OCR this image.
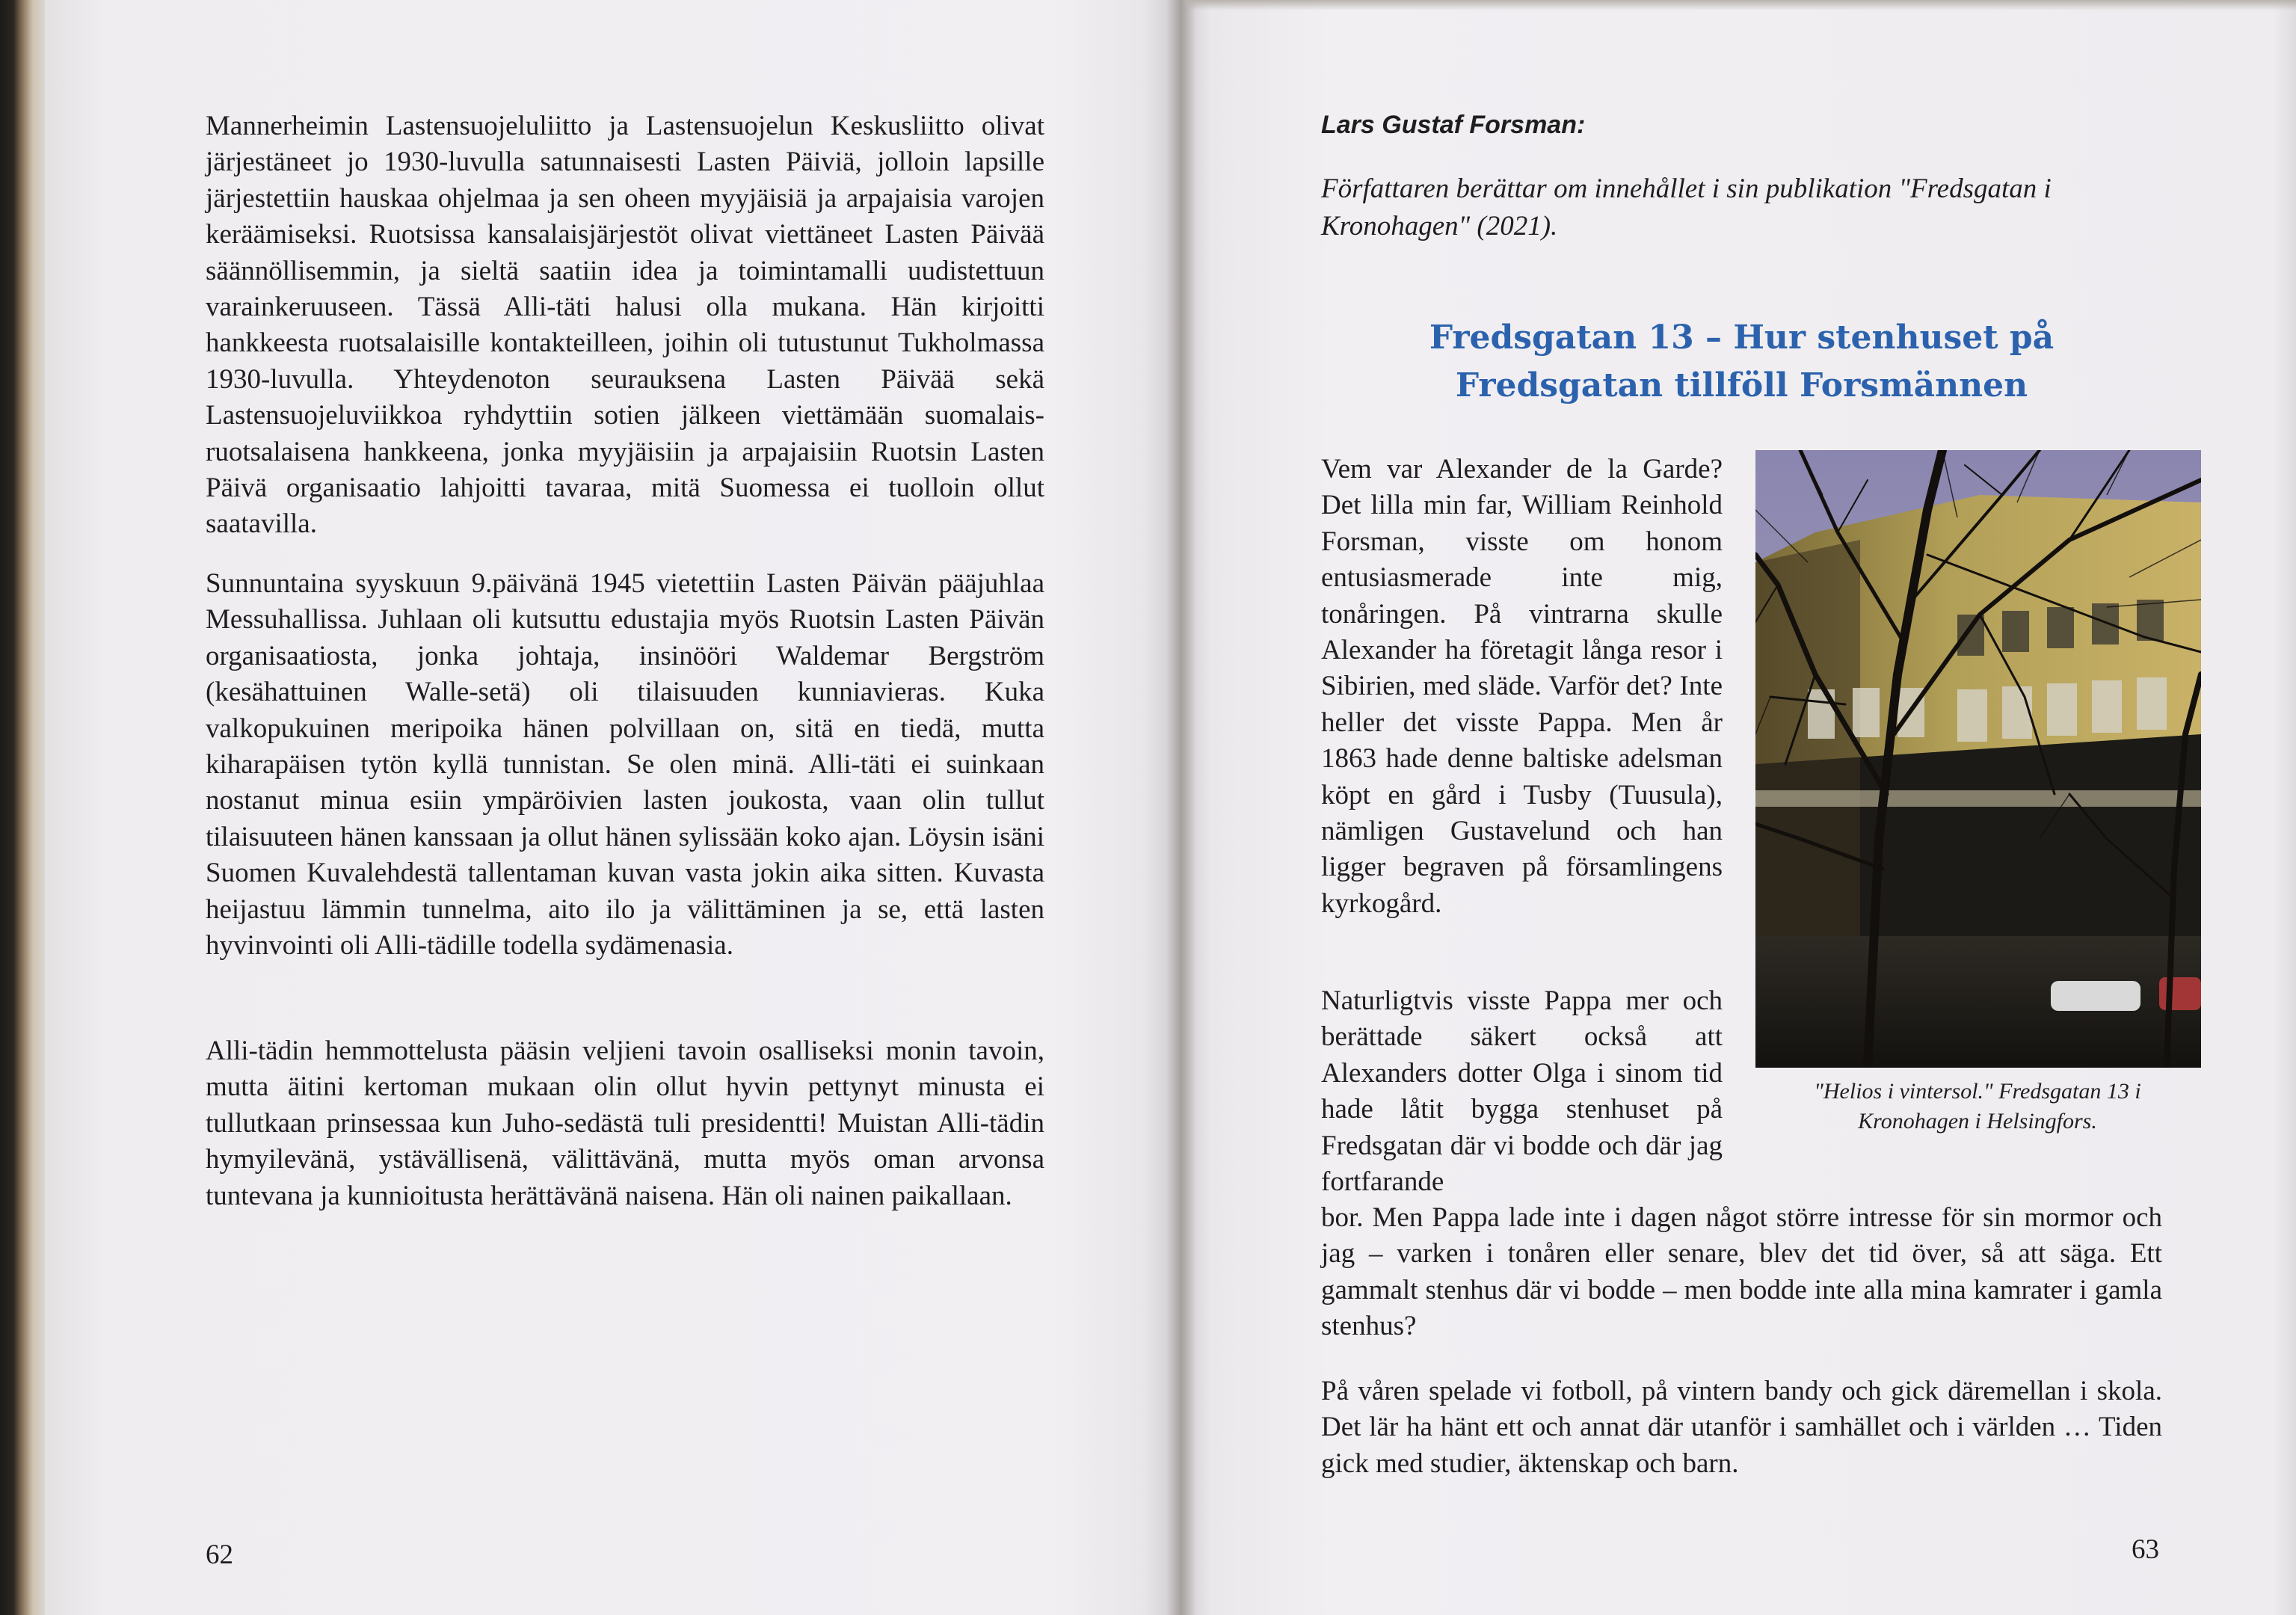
Mannerheimin Lastensuojeluliitto ja Lastensuojelun Keskusliitto olivat järjestäneet jo 1930-luvulla satunnaisesti Lasten Päiviä, jolloin lapsille järjestettiin hauskaa ohjelmaa ja sen oheen myyjäisiä ja arpajaisia varojen keräämiseksi. Ruotsissa kansalaisjärjestöt olivat viettäneet Lasten Päivää säännöllisemmin, ja sieltä saatiin idea ja toimintamalli uudistettuun varainkeruuseen. Tässä Alli-täti halusi olla mukana. Hän kirjoitti hankkeesta ruotsalaisille kontakteilleen, joihin oli tutustunut Tukholmassa 1930-luvulla. Yhteydenoton seurauksena Lasten Päivää sekä Lastensuojeluviikkoa ryhdyttiin sotien jälkeen viettämään suomalais-ruotsalaisena hankkeena, jonka myyjäisiin ja arpajaisiin Ruotsin Lasten Päivä organisaatio lahjoitti tavaraa, mitä Suomessa ei tuolloin ollut saatavilla.

Sunnuntaina syyskuun 9.päivänä 1945 vietettiin Lasten Päivän pääjuhlaa Messuhallissa. Juhlaan oli kutsuttu edustajia myös Ruotsin Lasten Päivän organisaatiosta, jonka johtaja, insinööri Waldemar Bergström (kesähattuinen Walle-setä) oli tilaisuuden kunniavieras. Kuka valkopukuinen meripoika hänen polvillaan on, sitä en tiedä, mutta kiharapäisen tytön kyllä tunnistan. Se olen minä. Alli-täti ei suinkaan nostanut minua esiin ympäröivien lasten joukosta, vaan olin tullut tilaisuuteen hänen kanssaan ja ollut hänen sylissään koko ajan. Löysin isäni Suomen Kuvalehdestä tallentaman kuvan vasta jokin aika sitten. Kuvasta heijastuu lämmin tunnelma, aito ilo ja välittäminen ja se, että lasten hyvinvointi oli Alli-tädille todella sydämenasia.

Alli-tädin hemmottelusta pääsin veljieni tavoin osalliseksi monin tavoin, mutta äitini kertoman mukaan olin ollut hyvin pettynyt minusta ei tullutkaan prinsessaa kun Juho-sedästä tuli presidentti! Muistan Alli-tädin hymyilevänä, ystävällisenä, välittävänä, mutta myös oman arvonsa tuntevana ja kunnioitusta herättävänä naisena. Hän oli nainen paikallaan.

62

Lars Gustaf Forsman:

Författaren berättar om innehållet i sin publikation "Fredsgatan i Kronohagen" (2021).

Fredsgatan 13 – Hur stenhuset på Fredsgatan tillföll Forsmännen

Vem var Alexander de la Garde? Det lilla min far, William Reinhold Forsman, visste om honom entusiasmerade inte mig, tonåringen. På vintrarna skulle Alexander ha företagit långa resor i Sibirien, med släde. Varför det? Inte heller det visste Pappa. Men år 1863 hade denne baltiske adelsman köpt en gård i Tusby (Tuusula), nämligen Gustavelund och han ligger begraven på församlingens kyrkogård.

Naturligtvis visste Pappa mer och berättade säkert också att Alexanders dotter Olga i sinom tid hade låtit bygga stenhuset på Fredsgatan där vi bodde och där jag fortfarande

bor. Men Pappa lade inte i dagen något större intresse för sin mormor och jag – varken i tonåren eller senare, blev det tid över, så att säga. Ett gammalt stenhus där vi bodde – men bodde inte alla mina kamrater i gamla stenhus?

På våren spelade vi fotboll, på vintern bandy och gick däremellan i skola. Det lär ha hänt ett och annat där utanför i samhället och i världen … Tiden gick med studier, äktenskap och barn.

"Helios i vintersol." Fredsgatan 13 i Kronohagen i Helsingfors.

63
